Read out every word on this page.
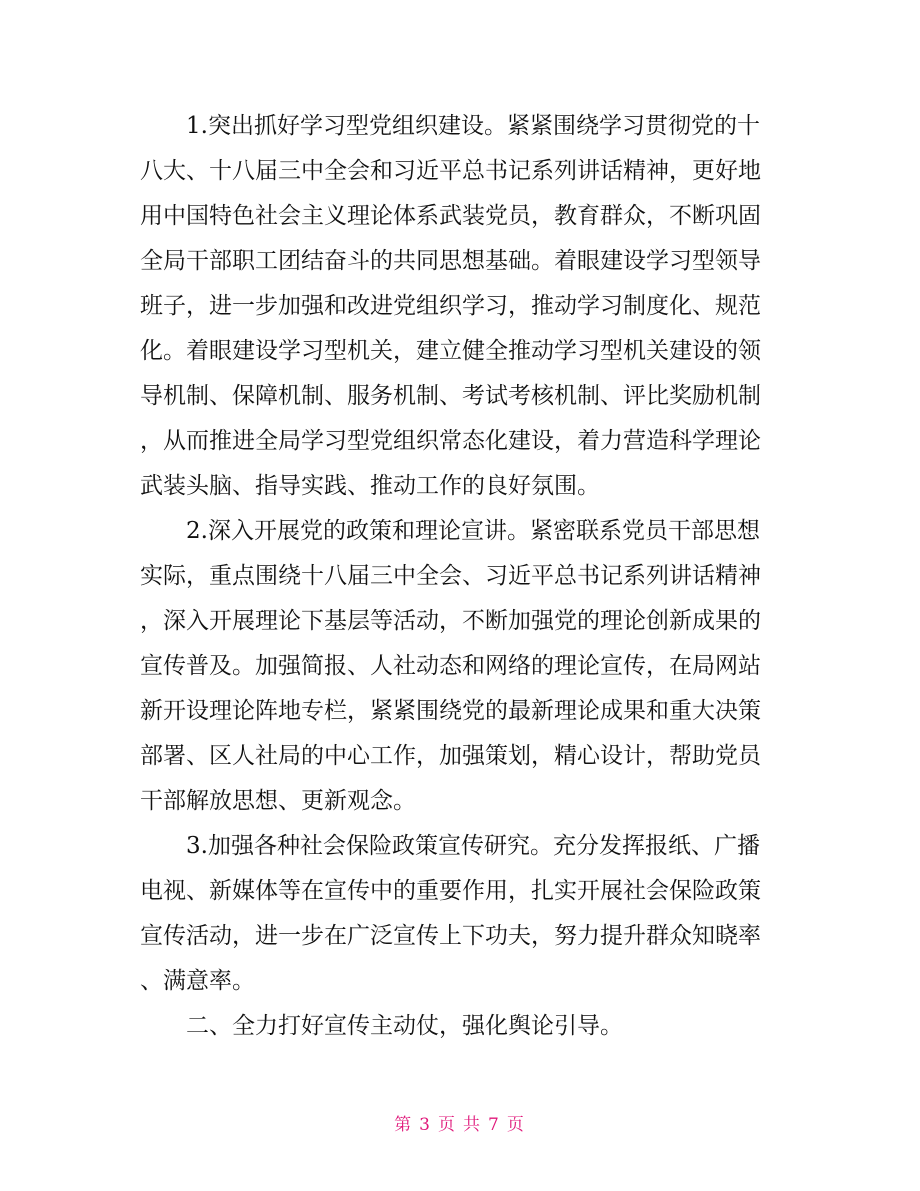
　　1.突出抓好学习型党组织建设。紧紧围绕学习贯彻党的十
八大、十八届三中全会和习近平总书记系列讲话精神，更好地
用中国特色社会主义理论体系武装党员，教育群众，不断巩固
全局干部职工团结奋斗的共同思想基础。着眼建设学习型领导
班子，进一步加强和改进党组织学习，推动学习制度化、规范
化。着眼建设学习型机关，建立健全推动学习型机关建设的领
导机制、保障机制、服务机制、考试考核机制、评比奖励机制
，从而推进全局学习型党组织常态化建设，着力营造科学理论
武装头脑、指导实践、推动工作的良好氛围。
　　2.深入开展党的政策和理论宣讲。紧密联系党员干部思想
实际，重点围绕十八届三中全会、习近平总书记系列讲话精神
，深入开展理论下基层等活动，不断加强党的理论创新成果的
宣传普及。加强简报、人社动态和网络的理论宣传，在局网站
新开设理论阵地专栏，紧紧围绕党的最新理论成果和重大决策
部署、区人社局的中心工作，加强策划，精心设计，帮助党员
干部解放思想、更新观念。
　　3.加强各种社会保险政策宣传研究。充分发挥报纸、广播
电视、新媒体等在宣传中的重要作用，扎实开展社会保险政策
宣传活动，进一步在广泛宣传上下功夫，努力提升群众知晓率
、满意率。
　　二、全力打好宣传主动仗，强化舆论引导。
第 3 页 共 7 页
